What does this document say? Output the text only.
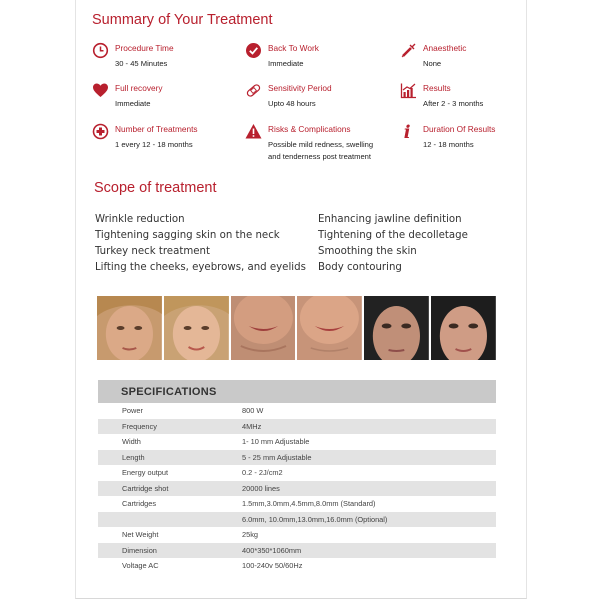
Summary of Your Treatment
Procedure Time
30 - 45 Minutes
Back To Work
Immediate
Anaesthetic
None
Full recovery
Immediate
Sensitivity Period
Upto 48 hours
Results
After 2 - 3 months
Number of Treatments
1 every 12 - 18 months
Risks & Complications
Possible mild redness, swelling
and tenderness post treatment
i Duration Of Results
12 - 18 months
Scope of treatment
Wrinkle reduction
Tightening sagging skin on the neck
Turkey neck treatment
Lifting the cheeks, eyebrows, and eyelids
Enhancing jawline definition
Tightening of the decolletage
Smoothing the skin
Body contouring
SPECIFICATIONS
Power	800 W
Frequency	4MHz
Width	1- 10 mm Adjustable
Length	5 - 25 mm Adjustable
Energy output	0.2 - 2J/cm2
Cartridge shot	20000 lines
Cartridges	1.5mm,3.0mm,4.5mm,8.0mm (Standard)
6.0mm, 10.0mm,13.0mm,16.0mm (Optional)
Net Weight	25kg
Dimension	400*350*1060mm
Voltage AC	100-240v 50/60Hz
